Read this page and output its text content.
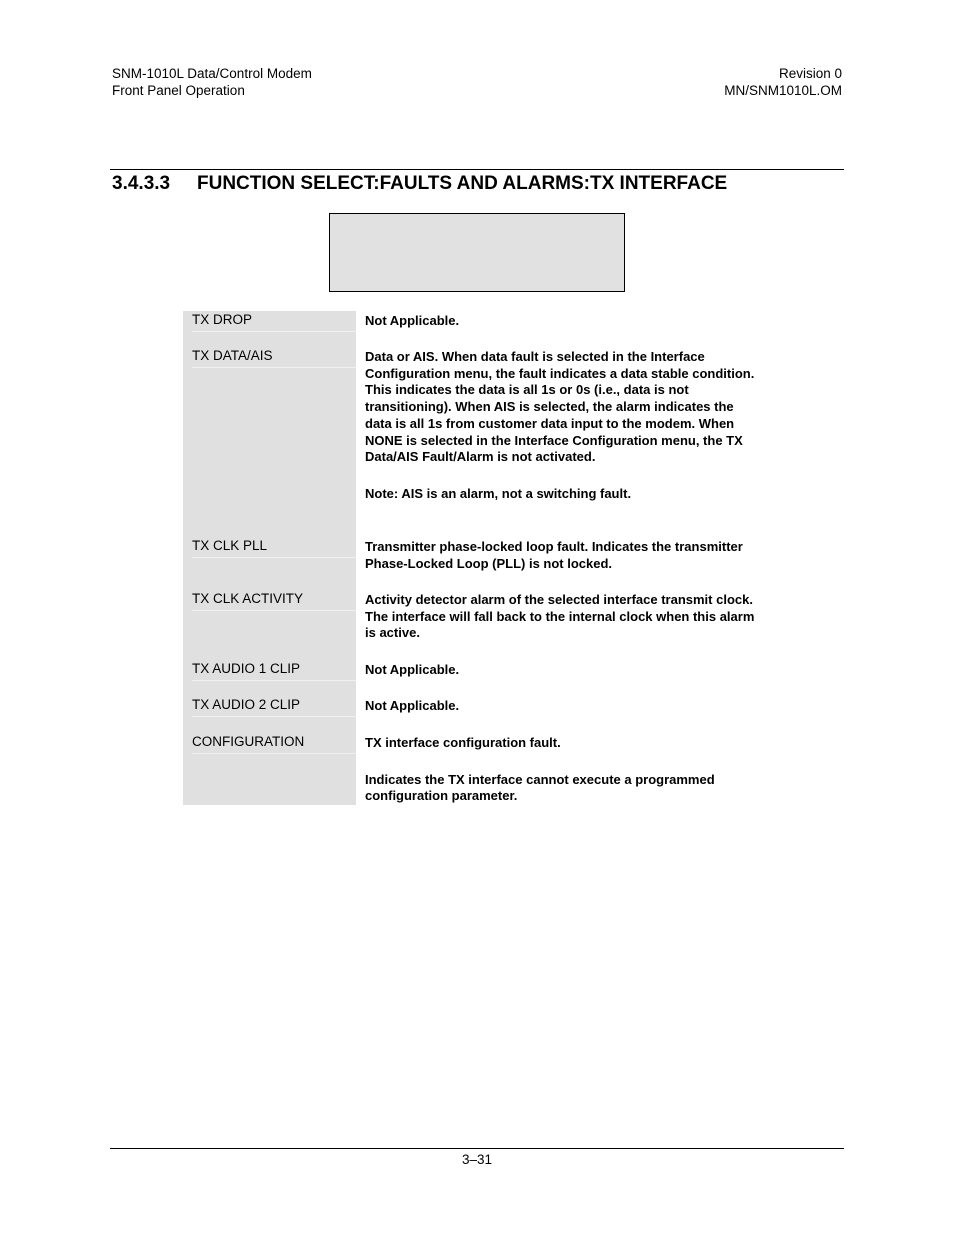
SNM-1010L Data/Control Modem
Front Panel Operation
Revision 0
MN/SNM1010L.OM
3.4.3.3 FUNCTION SELECT:FAULTS AND ALARMS:TX INTERFACE
TX DROP	Not Applicable.

TX DATA/AIS	Data or AIS. When data fault is selected in the Interface Configuration menu, the fault indicates a data stable condition. This indicates the data is all 1s or 0s (i.e., data is not transitioning). When AIS is selected, the alarm indicates the data is all 1s from customer data input to the modem. When NONE is selected in the Interface Configuration menu, the TX Data/AIS Fault/Alarm is not activated.

Note: AIS is an alarm, not a switching fault.

TX CLK PLL	Transmitter phase-locked loop fault. Indicates the transmitter Phase-Locked Loop (PLL) is not locked.

TX CLK ACTIVITY	Activity detector alarm of the selected interface transmit clock. The interface will fall back to the internal clock when this alarm is active.

TX AUDIO 1 CLIP	Not Applicable.

TX AUDIO 2 CLIP	Not Applicable.

CONFIGURATION	TX interface configuration fault.

Indicates the TX interface cannot execute a programmed configuration parameter.

3–31
